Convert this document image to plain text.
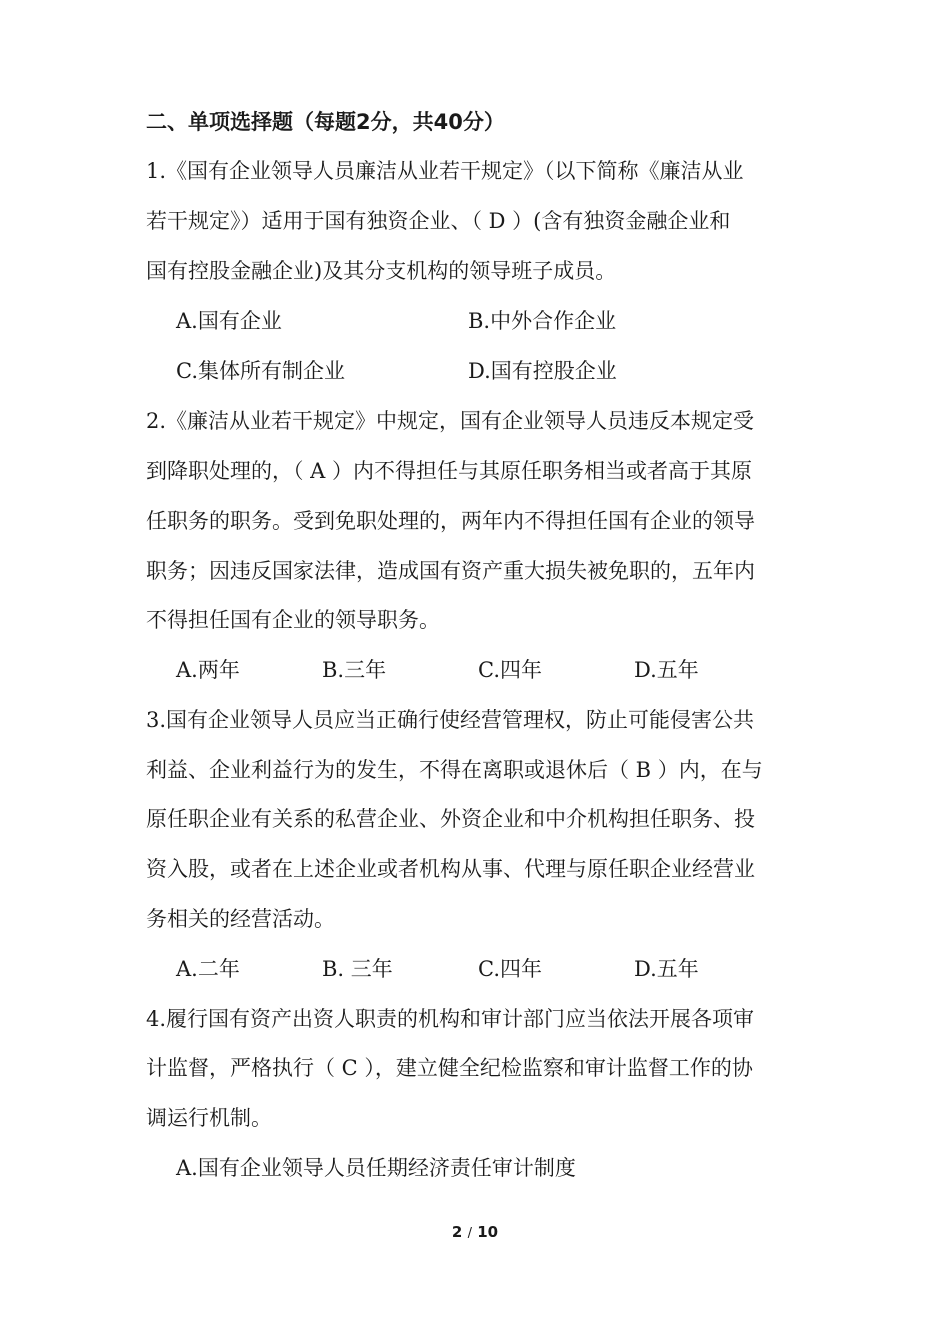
二、单项选择题（每题2分，共40分）
1.《国有企业领导人员廉洁从业若干规定》（以下简称《廉洁从业
若干规定》）适用于国有独资企业、（ D ）(含有独资金融企业和
国有控股金融企业)及其分支机构的领导班子成员。
A.国有企业	B.中外合作企业
C.集体所有制企业	D.国有控股企业
2.《廉洁从业若干规定》中规定，国有企业领导人员违反本规定受
到降职处理的，（ A ）内不得担任与其原任职务相当或者高于其原
任职务的职务。受到免职处理的，两年内不得担任国有企业的领导
职务；因违反国家法律，造成国有资产重大损失被免职的，五年内
不得担任国有企业的领导职务。
A.两年	B.三年	C.四年	D.五年
3.国有企业领导人员应当正确行使经营管理权，防止可能侵害公共
利益、企业利益行为的发生，不得在离职或退休后（ B ）内，在与
原任职企业有关系的私营企业、外资企业和中介机构担任职务、投
资入股，或者在上述企业或者机构从事、代理与原任职企业经营业
务相关的经营活动。
A.二年	B. 三年	C.四年	D.五年
4.履行国有资产出资人职责的机构和审计部门应当依法开展各项审
计监督，严格执行（ C ），建立健全纪检监察和审计监督工作的协
调运行机制。
A.国有企业领导人员任期经济责任审计制度
2 / 10
